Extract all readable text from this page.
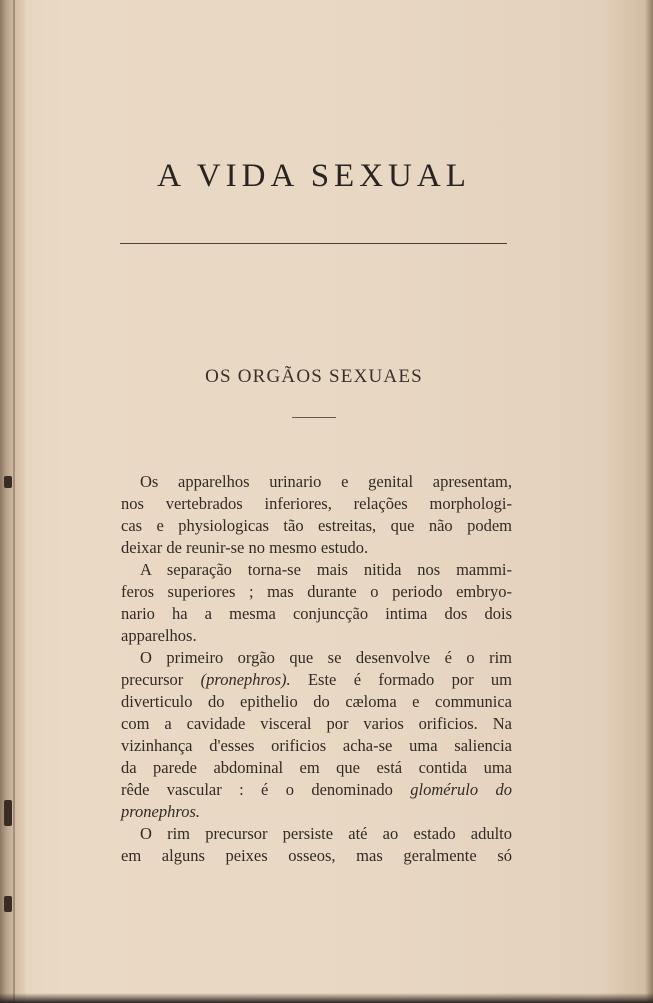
A VIDA SEXUAL
OS ORGÃOS SEXUAES
Os apparelhos urinario e genital apresentam,
nos vertebrados inferiores, relações morphologi-
cas e physiologicas tão estreitas, que não podem
deixar de reunir-se no mesmo estudo.
A separação torna-se mais nitida nos mammi-
feros superiores ; mas durante o periodo embryo-
nario ha a mesma conjuncção intima dos dois
apparelhos.
O primeiro orgão que se desenvolve é o rim
precursor (pronephros). Este é formado por um
diverticulo do epithelio do cæloma e communica
com a cavidade visceral por varios orificios. Na
vizinhança d'esses orificios acha-se uma saliencia
da parede abdominal em que está contida uma
rêde vascular : é o denominado glomérulo do
pronephros.
O rim precursor persiste até ao estado adulto
em alguns peixes osseos, mas geralmente só
